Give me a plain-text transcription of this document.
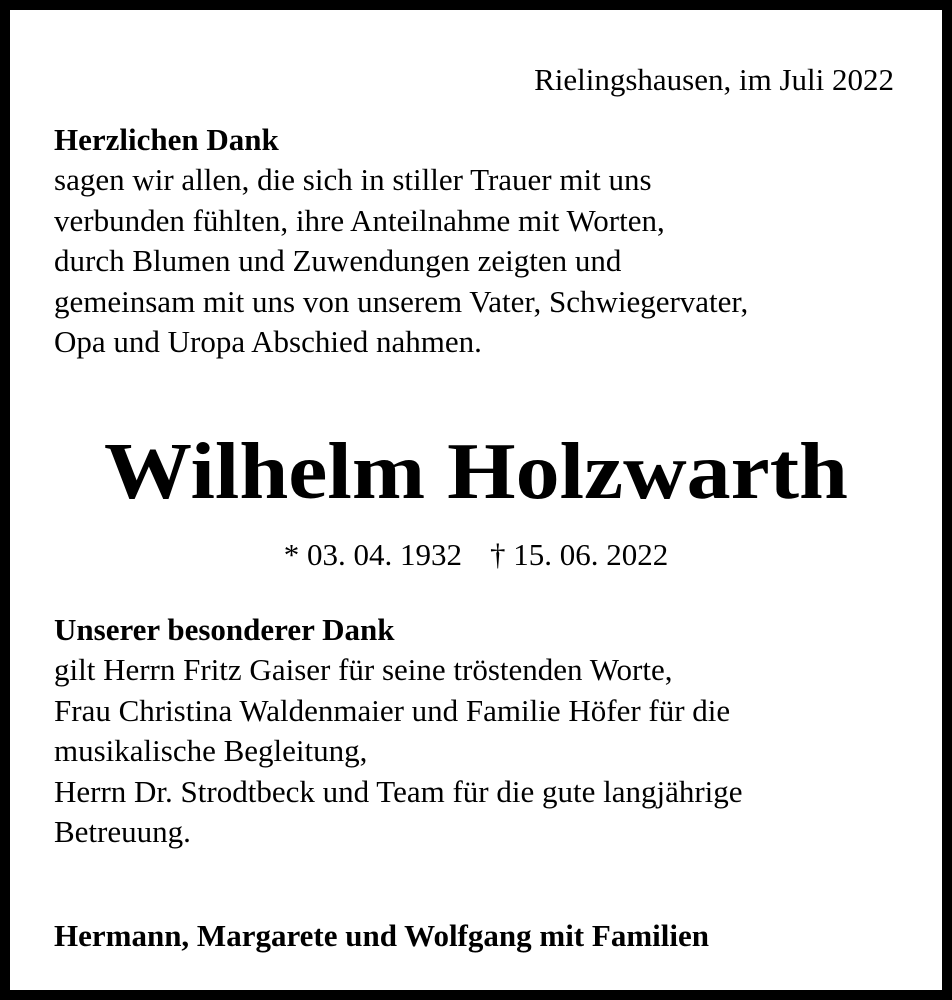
Rielingshausen, im Juli 2022
Herzlichen Dank
sagen wir allen, die sich in stiller Trauer mit uns
verbunden fühlten, ihre Anteilnahme mit Worten,
durch Blumen und Zuwendungen zeigten und
gemeinsam mit uns von unserem Vater, Schwiegervater,
Opa und Uropa Abschied nahmen.
Wilhelm Holzwarth
* 03. 04. 1932 † 15. 06. 2022
Unserer besonderer Dank
gilt Herrn Fritz Gaiser für seine tröstenden Worte,
Frau Christina Waldenmaier und Familie Höfer für die
musikalische Begleitung,
Herrn Dr. Strodtbeck und Team für die gute langjährige
Betreuung.
Hermann, Margarete und Wolfgang mit Familien
